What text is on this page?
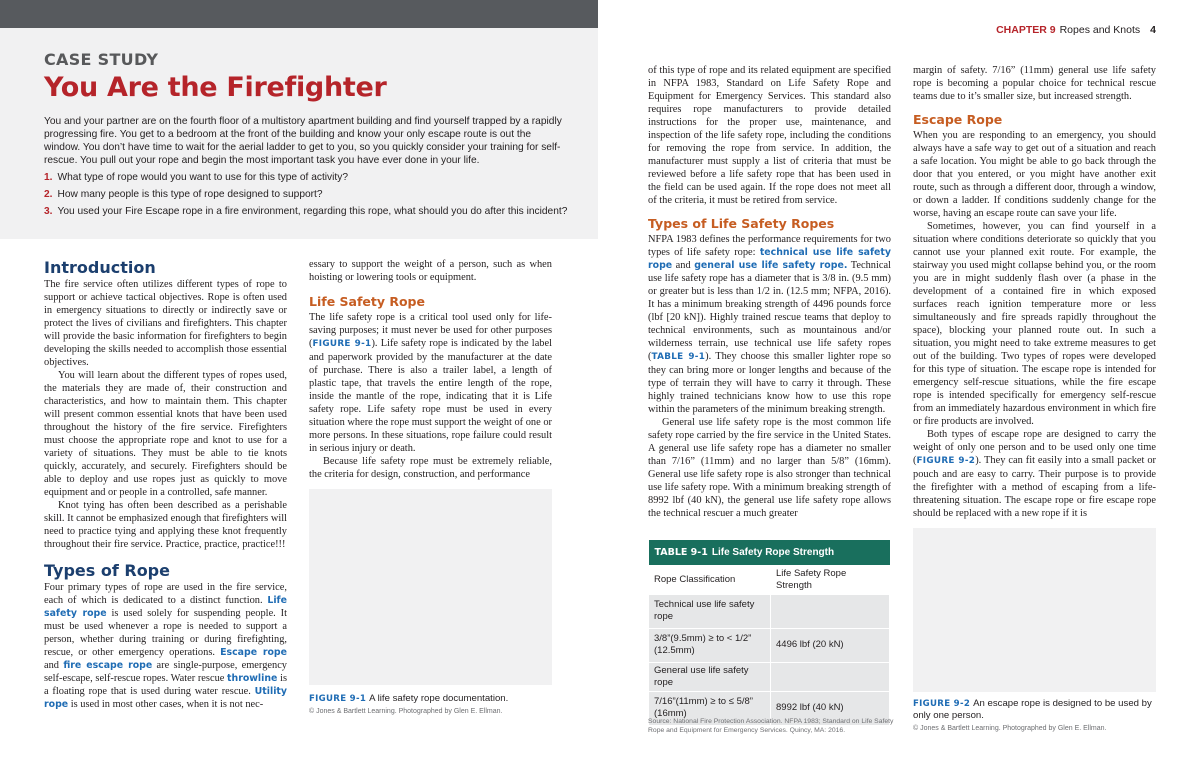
CASE STUDY
You Are the Firefighter
You and your partner are on the fourth floor of a multistory apartment building and find yourself trapped by a rapidly progressing fire. You get to a bedroom at the front of the building and know your only escape route is out the window. You don’t have time to wait for the aerial ladder to get to you, so you quickly consider your training for self-rescue. You pull out your rope and begin the most important task you have ever done in your life.
1. What type of rope would you want to use for this type of activity?
2. How many people is this type of rope designed to support?
3. You used your Fire Escape rope in a fire environment, regarding this rope, what should you do after this incident?
Introduction

The fire service often utilizes different types of rope to support or achieve tactical objectives. Rope is often used in emergency situations to directly or indirectly save or protect the lives of civilians and firefighters. This chapter will provide the basic information for firefighters to begin developing the skills needed to accomplish those essential objectives.

You will learn about the different types of ropes used, the materials they are made of, their construction and characteristics, and how to maintain them. This chapter will present common essential knots that have been used throughout the history of the fire service. Firefighters must choose the appropriate rope and knot to use for a variety of situations. They must be able to tie knots quickly, accurately, and securely. Firefighters should be able to deploy and use ropes just as quickly to move equipment and or people in a controlled, safe manner.

Knot tying has often been described as a perishable skill. It cannot be emphasized enough that firefighters will need to practice tying and applying these knot frequently throughout their fire service. Practice, practice, practice!!!

Types of Rope

Four primary types of rope are used in the fire service, each of which is dedicated to a distinct function. Life safety rope is used solely for suspending people. It must be used whenever a rope is needed to support a person, whether during training or during firefighting, rescue, or other emergency operations. Escape rope and fire escape rope are single-purpose, emergency self-escape, self-rescue ropes. Water rescue throwline is a floating rope that is used during water rescue. Utility rope is used in most other cases, when it is not nec-

essary to support the weight of a person, such as when hoisting or lowering tools or equipment.

Life Safety Rope

The life safety rope is a critical tool used only for life-saving purposes; it must never be used for other purposes (FIGURE 9-1). Life safety rope is indicated by the label and paperwork provided by the manufacturer at the date of purchase. There is also a trailer label, a length of plastic tape, that travels the entire length of the rope, inside the mantle of the rope, indicating that it is Life safety rope. Life safety rope must be used in every situation where the rope must support the weight of one or more persons. In these situations, rope failure could result in serious injury or death.

Because life safety rope must be extremely reliable, the criteria for design, construction, and performance

FIGURE 9-1 A life safety rope documentation.
© Jones & Bartlett Learning. Photographed by Glen E. Ellman.
CHAPTER 9 Ropes and Knots 4

of this type of rope and its related equipment are specified in NFPA 1983, Standard on Life Safety Rope and Equipment for Emergency Services. This standard also requires rope manufacturers to provide detailed instructions for the proper use, maintenance, and inspection of the life safety rope, including the conditions for removing the rope from service. In addition, the manufacturer must supply a list of criteria that must be reviewed before a life safety rope that has been used in the field can be used again. If the rope does not meet all of the criteria, it must be retired from service.

Types of Life Safety Ropes

NFPA 1983 defines the performance requirements for two types of life safety rope: technical use life safety rope and general use life safety rope. Technical use life safety rope has a diameter that is 3/8 in. (9.5 mm) or greater but is less than 1/2 in. (12.5 mm; NFPA, 2016). It has a minimum breaking strength of 4496 pounds force (lbf [20 kN]). Highly trained rescue teams that deploy to technical environments, such as mountainous and/or wilderness terrain, use technical use life safety ropes (TABLE 9-1). They choose this smaller lighter rope so they can bring more or longer lengths and because of the type of terrain they will have to carry it through. These highly trained technicians know how to use this rope within the parameters of the minimum breaking strength.

General use life safety rope is the most common life safety rope carried by the fire service in the United States. A general use life safety rope has a diameter no smaller than 7/16” (11mm) and no larger than 5/8” (16mm). General use life safety rope is also stronger than technical use life safety rope. With a minimum breaking strength of 8992 lbf (40 kN), the general use life safety rope allows the technical rescuer a much greater

TABLE 9-1 Life Safety Rope Strength	
Rope Classification	Life Safety Rope Strength
Technical use life safety rope	
3/8”(9.5mm) ≥ to < 1/2” (12.5mm)	4496 lbf (20 kN)
General use life safety rope	
7/16”(11mm) ≥ to ≤ 5/8” (16mm)	8992 lbf (40 kN)
Source: National Fire Protection Association. NFPA 1983; Standard on Life Safety Rope and Equipment for Emergency Services. Quincy, MA: 2016.

margin of safety. 7/16” (11mm) general use life safety rope is becoming a popular choice for technical rescue teams due to it’s smaller size, but increased strength.

Escape Rope

When you are responding to an emergency, you should always have a safe way to get out of a situation and reach a safe location. You might be able to go back through the door that you entered, or you might have another exit route, such as through a different door, through a window, or down a ladder. If conditions suddenly change for the worse, having an escape route can save your life.

Sometimes, however, you can find yourself in a situation where conditions deteriorate so quickly that you cannot use your planned exit route. For example, the stairway you used might collapse behind you, or the room you are in might suddenly flash over (a phase in the development of a contained fire in which exposed surfaces reach ignition temperature more or less simultaneously and fire spreads rapidly throughout the space), blocking your planned route out. In such a situation, you might need to take extreme measures to get out of the building. Two types of ropes were developed for this type of situation. The escape rope is intended for emergency self-rescue situations, while the fire escape rope is intended specifically for emergency self-rescue from an immediately hazardous environment in which fire or fire products are involved.

Both types of escape rope are designed to carry the weight of only one person and to be used only one time (FIGURE 9-2). They can fit easily into a small packet or pouch and are easy to carry. Their purpose is to provide the firefighter with a method of escaping from a life-threatening situation. The escape rope or fire escape rope should be replaced with a new rope if it is

FIGURE 9-2 An escape rope is designed to be used by only one person.
© Jones & Bartlett Learning. Photographed by Glen E. Ellman.
